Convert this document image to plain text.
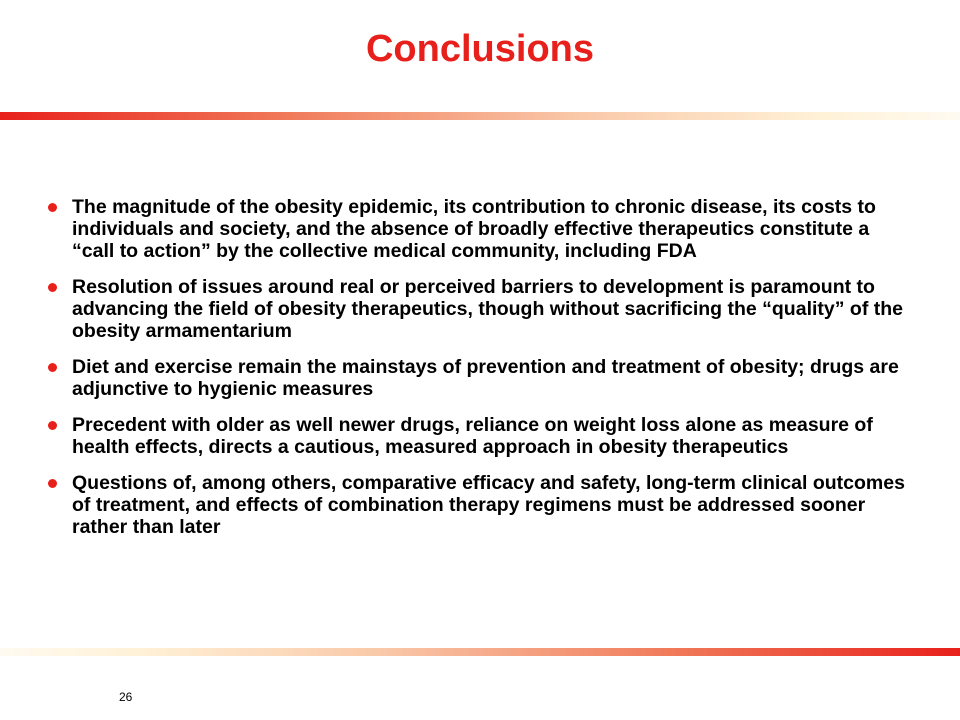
Conclusions
The magnitude of the obesity epidemic, its contribution to chronic disease, its costs to individuals and society, and the absence of broadly effective therapeutics constitute a “call to action” by the collective medical community, including FDA
Resolution of issues around real or perceived barriers to development is paramount to advancing the field of obesity therapeutics, though without sacrificing the “quality” of the obesity armamentarium
Diet and exercise remain the mainstays of prevention and treatment of obesity; drugs are adjunctive to hygienic measures
Precedent with older as well newer drugs, reliance on weight loss alone as measure of health effects, directs a cautious, measured approach in obesity therapeutics
Questions of, among others, comparative efficacy and safety, long-term clinical outcomes of treatment, and effects of combination therapy regimens must be addressed sooner rather than later
26
